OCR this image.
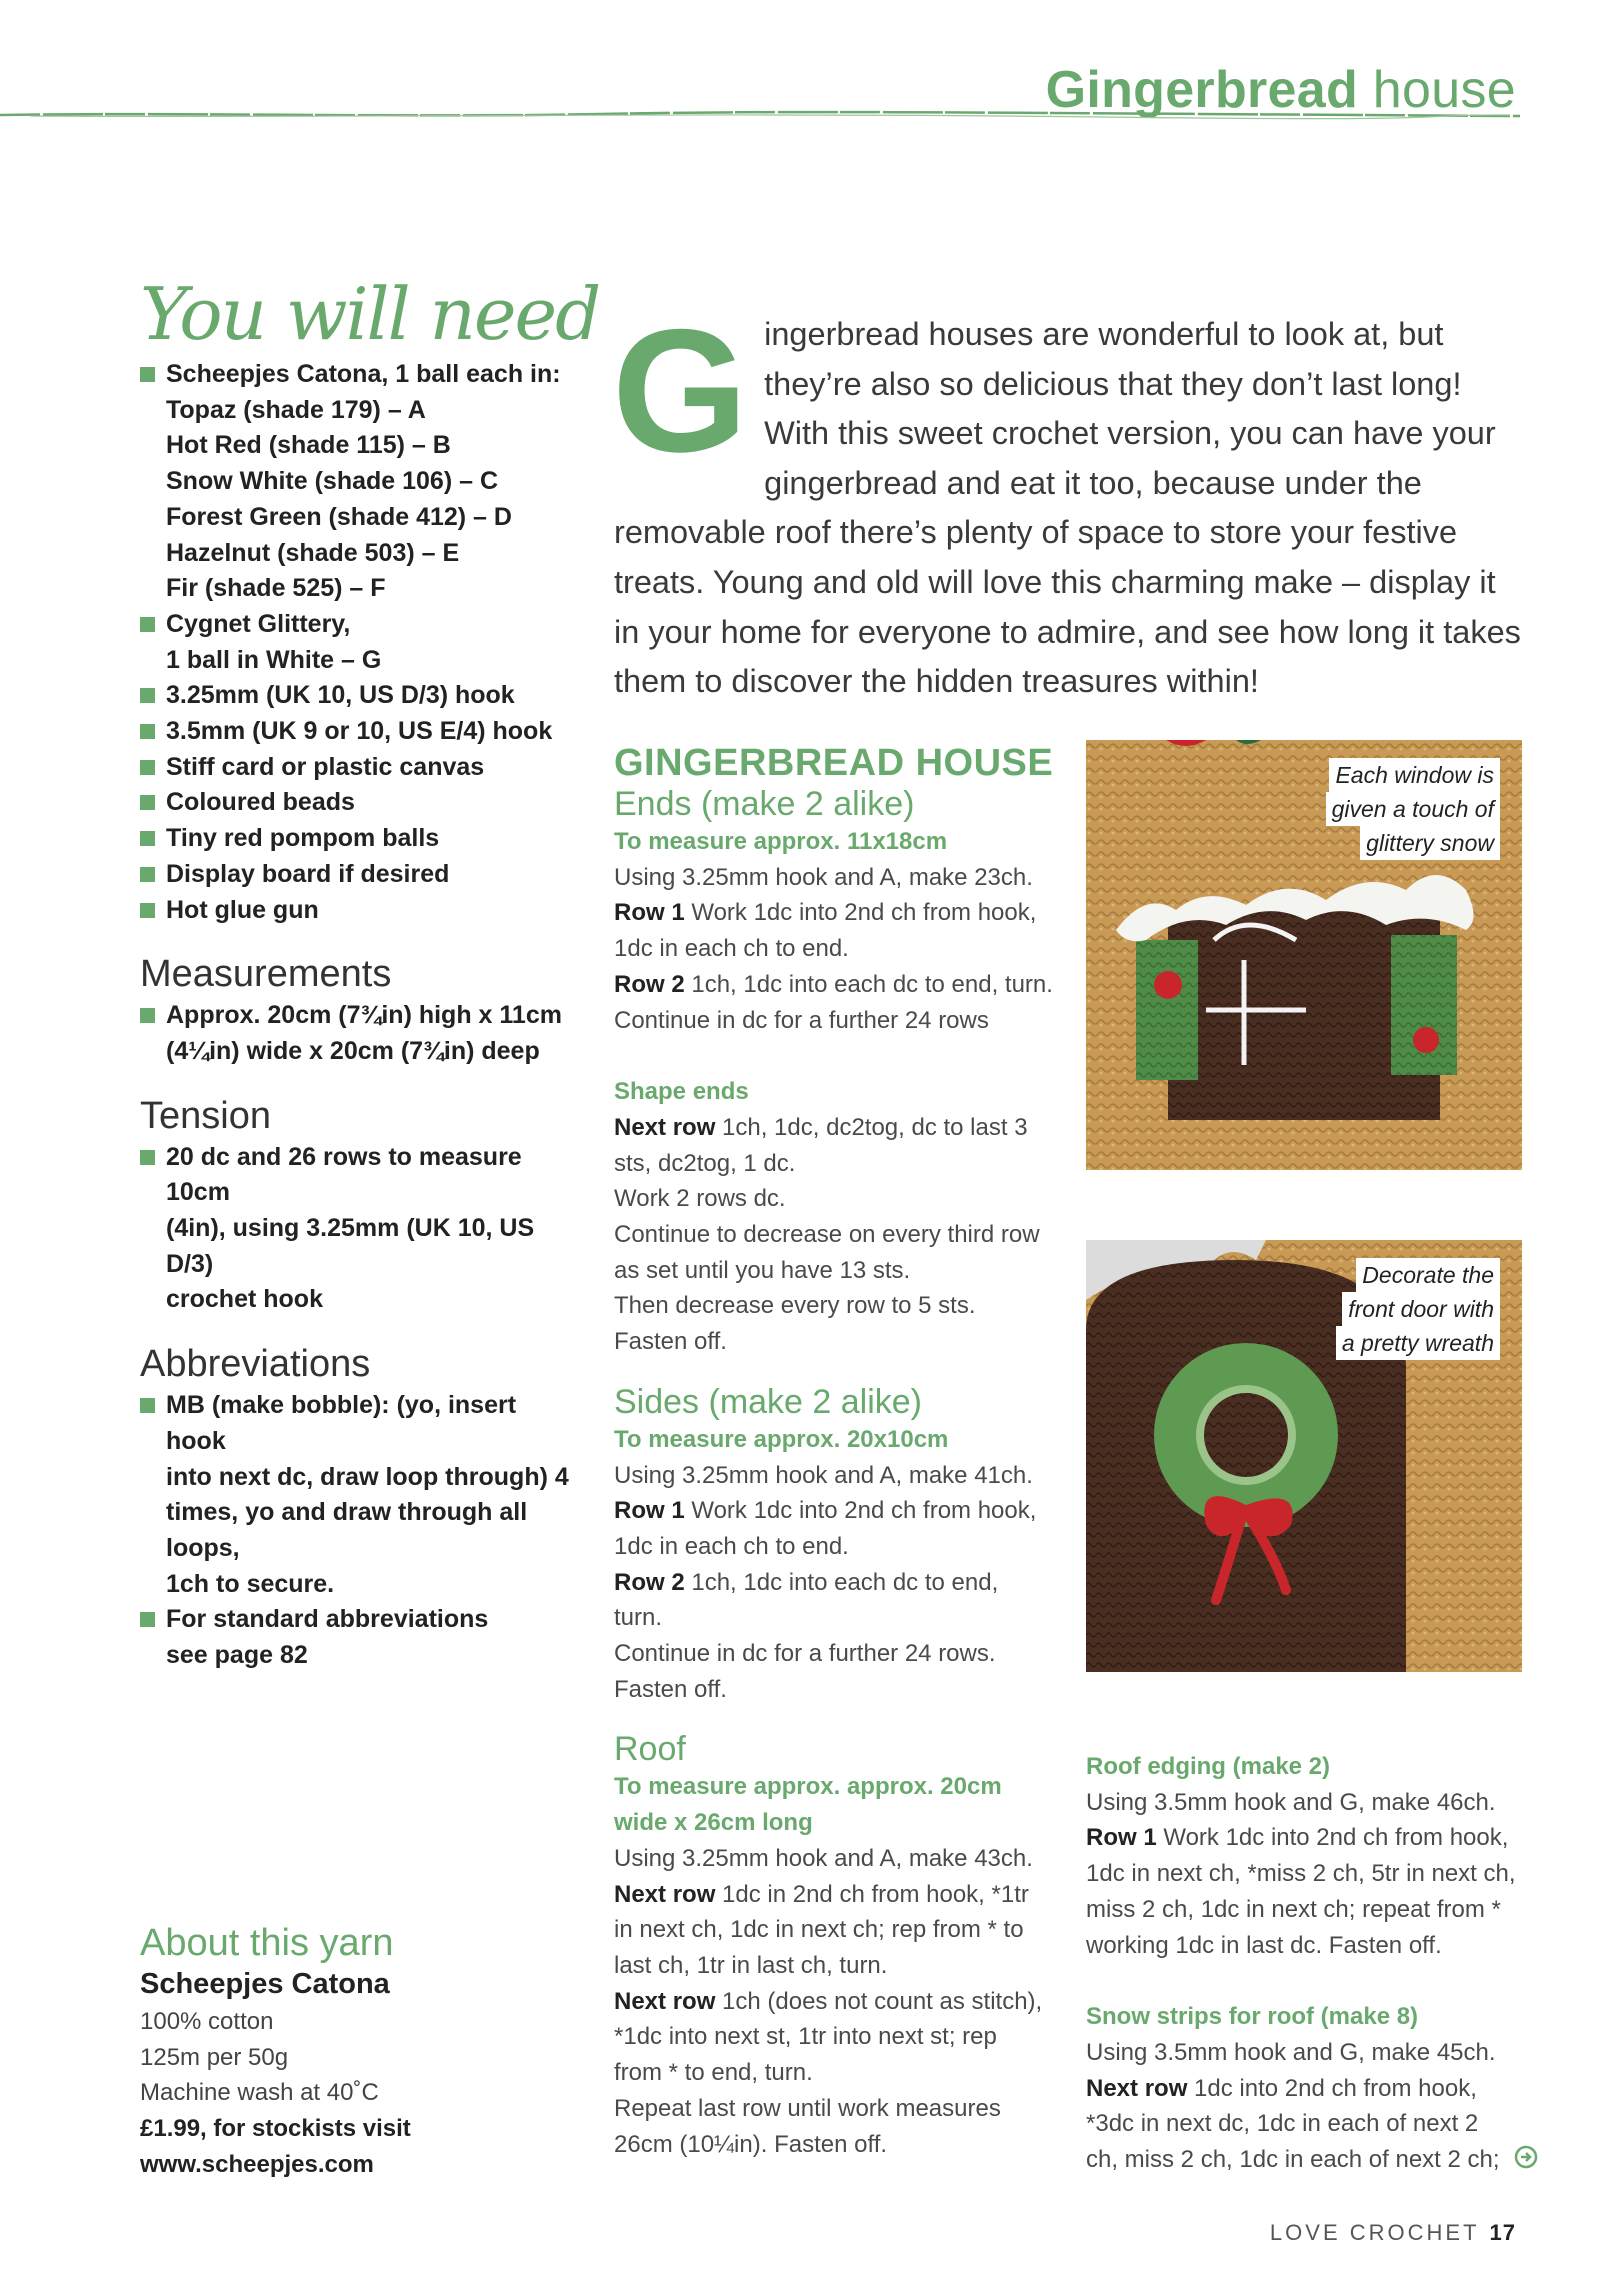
Gingerbread house
You will need
Scheepjes Catona, 1 ball each in:
Topaz (shade 179) – A
Hot Red (shade 115) – B
Snow White (shade 106) – C
Forest Green (shade 412) – D
Hazelnut (shade 503) – E
Fir (shade 525) – F
Cygnet Glittery,
1 ball in White – G
3.25mm (UK 10, US D/3) hook
3.5mm (UK 9 or 10, US E/4) hook
Stiff card or plastic canvas
Coloured beads
Tiny red pompom balls
Display board if desired
Hot glue gun
Measurements
Approx. 20cm (7¾in) high x 11cm
(4¼in) wide x 20cm (7¾in) deep
Tension
20 dc and 26 rows to measure 10cm
(4in), using 3.25mm (UK 10, US D/3)
crochet hook
Abbreviations
MB (make bobble): (yo, insert hook
into next dc, draw loop through) 4
times, yo and draw through all loops,
1ch to secure.
For standard abbreviations
see page 82
About this yarn
Scheepjes Catona
100% cotton
125m per 50g
Machine wash at 40˚C
£1.99, for stockists visit
www.scheepjes.com
Gingerbread houses are wonderful to look at, but they’re also so delicious that they don’t last long! With this sweet crochet version, you can have your gingerbread and eat it too, because under the removable roof there’s plenty of space to store your festive treats. Young and old will love this charming make – display it in your home for everyone to admire, and see how long it takes them to discover the hidden treasures within!

GINGERBREAD HOUSE

Ends (make 2 alike)

To measure approx. 11x18cm

Using 3.25mm hook and A, make 23ch.

Row 1 Work 1dc into 2nd ch from hook,

1dc in each ch to end.

Row 2 1ch, 1dc into each dc to end, turn.

Continue in dc for a further 24 rows

Shape ends

Next row 1ch, 1dc, dc2tog, dc to last 3

sts, dc2tog, 1 dc.

Work 2 rows dc.

Continue to decrease on every third row

as set until you have 13 sts.

Then decrease every row to 5 sts.

Fasten off.

Sides (make 2 alike)

To measure approx. 20x10cm

Using 3.25mm hook and A, make 41ch.

Row 1 Work 1dc into 2nd ch from hook,

1dc in each ch to end.

Row 2 1ch, 1dc into each dc to end,

turn.

Continue in dc for a further 24 rows.

Fasten off.

Roof

To measure approx. approx. 20cm

wide x 26cm long

Using 3.25mm hook and A, make 43ch.

Next row 1dc in 2nd ch from hook, *1tr

in next ch, 1dc in next ch; rep from * to

last ch, 1tr in last ch, turn.

Next row 1ch (does not count as stitch),

*1dc into next st, 1tr into next st; rep

from * to end, turn.

Repeat last row until work measures

26cm (10¼in). Fasten off.

Roof edging (make 2)

Using 3.5mm hook and G, make 46ch.

Row 1 Work 1dc into 2nd ch from hook,

1dc in next ch, *miss 2 ch, 5tr in next ch,

miss 2 ch, 1dc in next ch; repeat from *

working 1dc in last dc. Fasten off.

Snow strips for roof (make 8)

Using 3.5mm hook and G, make 45ch.

Next row 1dc into 2nd ch from hook,

*3dc in next dc, 1dc in each of next 2

ch, miss 2 ch, 1dc in each of next 2 ch;

Each window is
given a touch of
glittery snow
Decorate the
front door with
a pretty wreath
LOVE CROCHET 17
